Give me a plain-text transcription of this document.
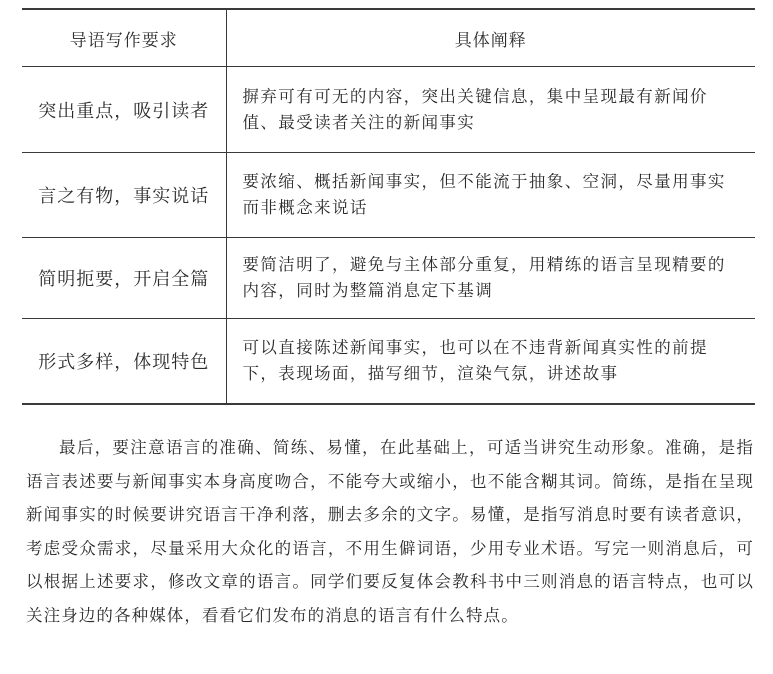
导语写作要求	具体阐释
突出重点，吸引读者	摒弃可有可无的内容，突出关键信息，集中呈现最有新闻价值、最受读者关注的新闻事实
言之有物，事实说话	要浓缩、概括新闻事实，但不能流于抽象、空洞，尽量用事实而非概念来说话
简明扼要，开启全篇	要简洁明了，避免与主体部分重复，用精练的语言呈现精要的内容，同时为整篇消息定下基调
形式多样，体现特色	可以直接陈述新闻事实，也可以在不违背新闻真实性的前提下，表现场面，描写细节，渲染气氛，讲述故事

最后，要注意语言的准确、简练、易懂，在此基础上，可适当讲究生动形象。准确，是指语言表述要与新闻事实本身高度吻合，不能夸大或缩小，也不能含糊其词。简练，是指在呈现新闻事实的时候要讲究语言干净利落，删去多余的文字。易懂，是指写消息时要有读者意识，考虑受众需求，尽量采用大众化的语言，不用生僻词语，少用专业术语。写完一则消息后，可以根据上述要求，修改文章的语言。同学们要反复体会教科书中三则消息的语言特点，也可以关注身边的各种媒体，看看它们发布的消息的语言有什么特点。
